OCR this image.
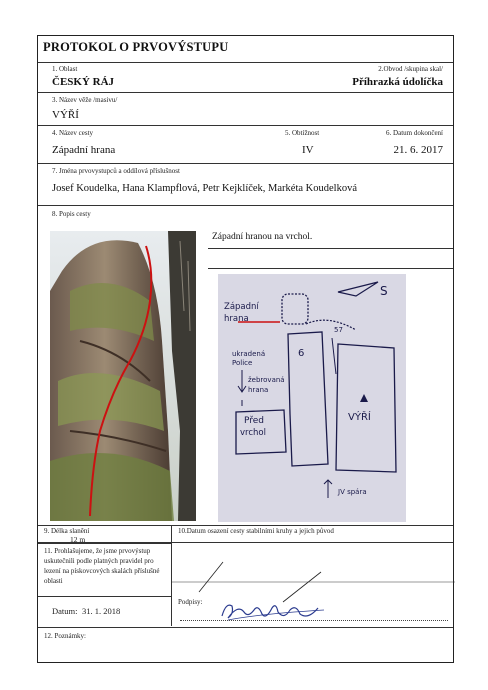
PROTOKOL O PRVOVÝSTUPU
1. Oblast
ČESKÝ RÁJ
2.Obvod /skupina skal/
Příhrazká údolíčka
3. Název věže /masivu/
VÝŘÍ
4. Název cesty
Západní hrana
5. Obtížnost
IV
6. Datum dokončení
21. 6. 2017
7. Jména prvovystupců a oddílová příslušnost
Josef Koudelka, Hana Klampflová, Petr Kejklíček, Markéta Koudelková
8. Popis cesty
Západní hranou na vrchol.
Západní
hrana
S
57
ukradená
Police
žebrovaná
hrana
6
Před
vrchol
VÝŘÍ
JV spára
9. Délka slanění	10.Datum osazení cesty stabilními kruhy a jejich původ
12 m
11. Prohlašujeme, že jsme prvovýstup uskutečnili podle platných pravidel pro lezení na pískovcových skalách příslušné oblasti
Datum: 31. 1. 2018
Podpisy:
12. Poznámky:
